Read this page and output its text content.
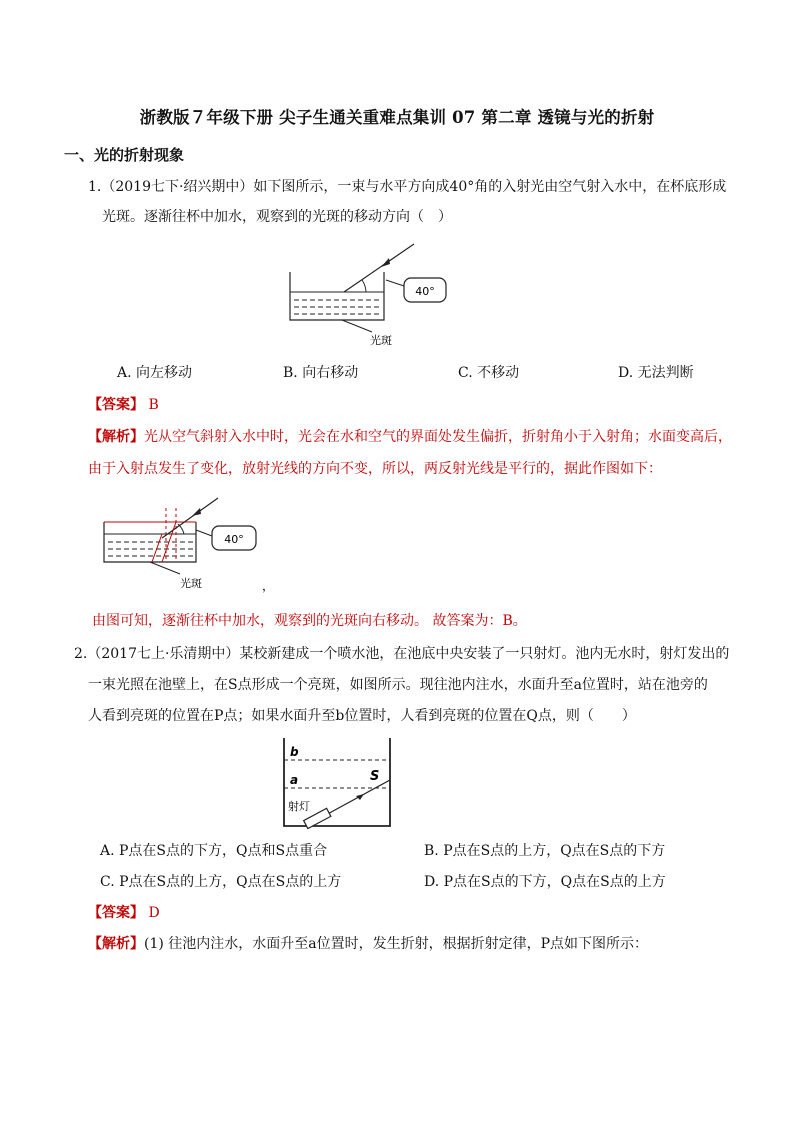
浙教版７年级下册 尖子生通关重难点集训 07 第二章 透镜与光的折射
一、光的折射现象
1.（2019七下·绍兴期中）如下图所示，一束与水平方向成40°角的入射光由空气射入水中，在杯底形成
光斑。逐渐往杯中加水，观察到的光斑的移动方向（　）
40°
光斑
A. 向左移动	B. 向右移动	C. 不移动	D. 无法判断
【答案】 B
【解析】光从空气斜射入水中时，光会在水和空气的界面处发生偏折，折射角小于入射角；水面变高后，
由于入射点发生了变化，放射光线的方向不变，所以，两反射光线是平行的，据此作图如下：
40°
光斑	，
由图可知，逐渐往杯中加水，观察到的光斑向右移动。 故答案为：B。
2.（2017七上·乐清期中）某校新建成一个喷水池，在池底中央安装了一只射灯。池内无水时，射灯发出的
一束光照在池壁上，在S点形成一个亮斑，如图所示。现往池内注水，水面升至a位置时，站在池旁的
人看到亮斑的位置在P点；如果水面升至b位置时，人看到亮斑的位置在Q点，则（　　）
b
a	S
射灯
A. P点在S点的下方，Q点和S点重合	B. P点在S点的上方，Q点在S点的下方
C. P点在S点的上方，Q点在S点的上方	D. P点在S点的下方，Q点在S点的上方
【答案】 D
【解析】(1) 往池内注水，水面升至a位置时，发生折射，根据折射定律，P点如下图所示：
